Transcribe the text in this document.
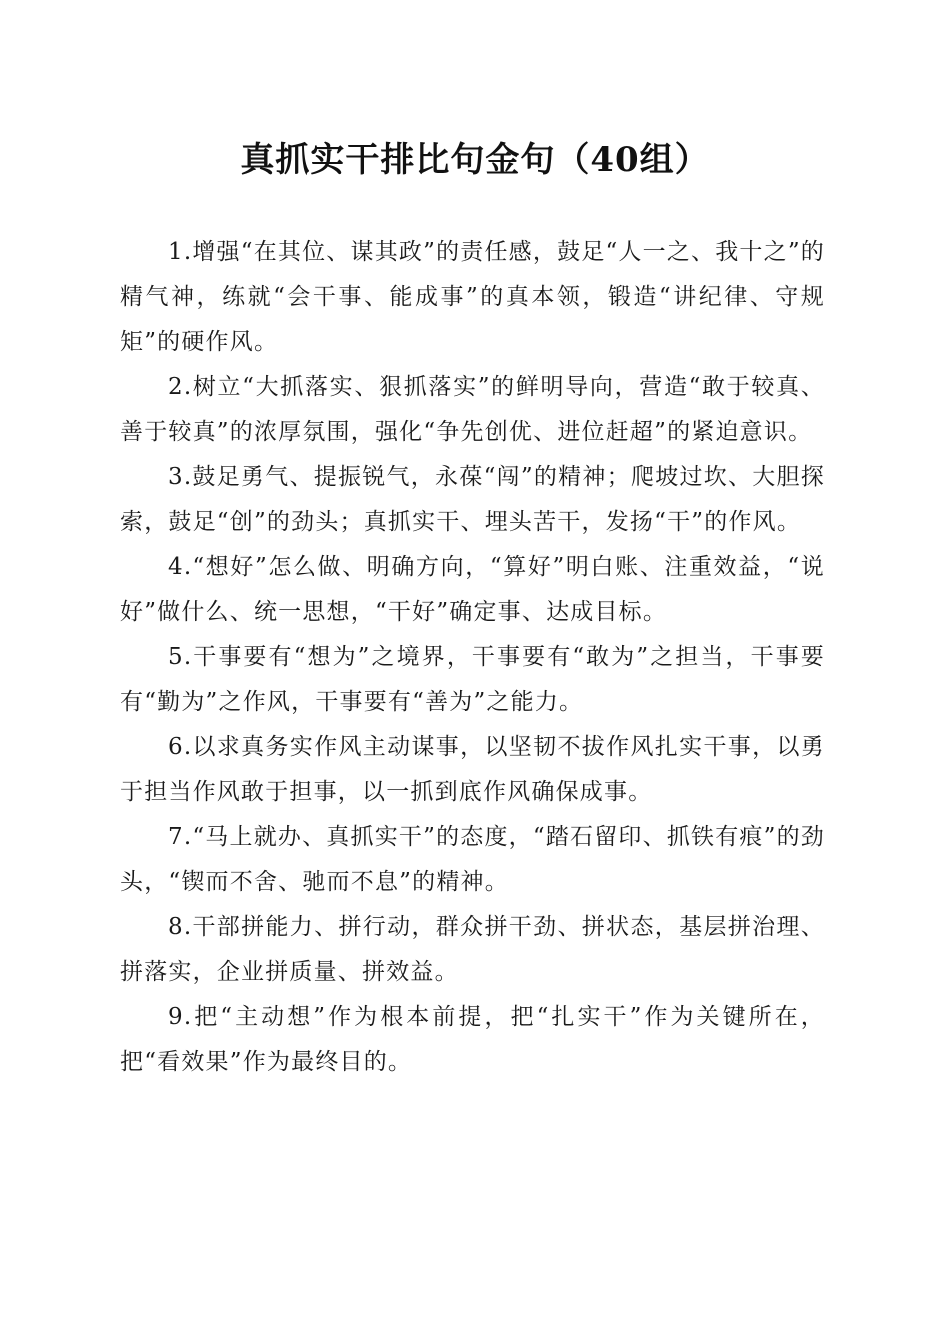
真抓实干排比句金句（40组）

1.增强“在其位、谋其政”的责任感，鼓足“人一之、我十之”的精气神，练就“会干事、能成事”的真本领，锻造“讲纪律、守规矩”的硬作风。

2.树立“大抓落实、狠抓落实”的鲜明导向，营造“敢于较真、善于较真”的浓厚氛围，强化“争先创优、进位赶超”的紧迫意识。

3.鼓足勇气、提振锐气，永葆“闯”的精神；爬坡过坎、大胆探索，鼓足“创”的劲头；真抓实干、埋头苦干，发扬“干”的作风。

4.“想好”怎么做、明确方向，“算好”明白账、注重效益，“说好”做什么、统一思想，“干好”确定事、达成目标。

5.干事要有“想为”之境界，干事要有“敢为”之担当，干事要有“勤为”之作风，干事要有“善为”之能力。

6.以求真务实作风主动谋事，以坚韧不拔作风扎实干事，以勇于担当作风敢于担事，以一抓到底作风确保成事。

7.“马上就办、真抓实干”的态度，“踏石留印、抓铁有痕”的劲头，“锲而不舍、驰而不息”的精神。

8.干部拼能力、拼行动，群众拼干劲、拼状态，基层拼治理、拼落实，企业拼质量、拼效益。

9.把“主动想”作为根本前提，把“扎实干”作为关键所在，把“看效果”作为最终目的。
